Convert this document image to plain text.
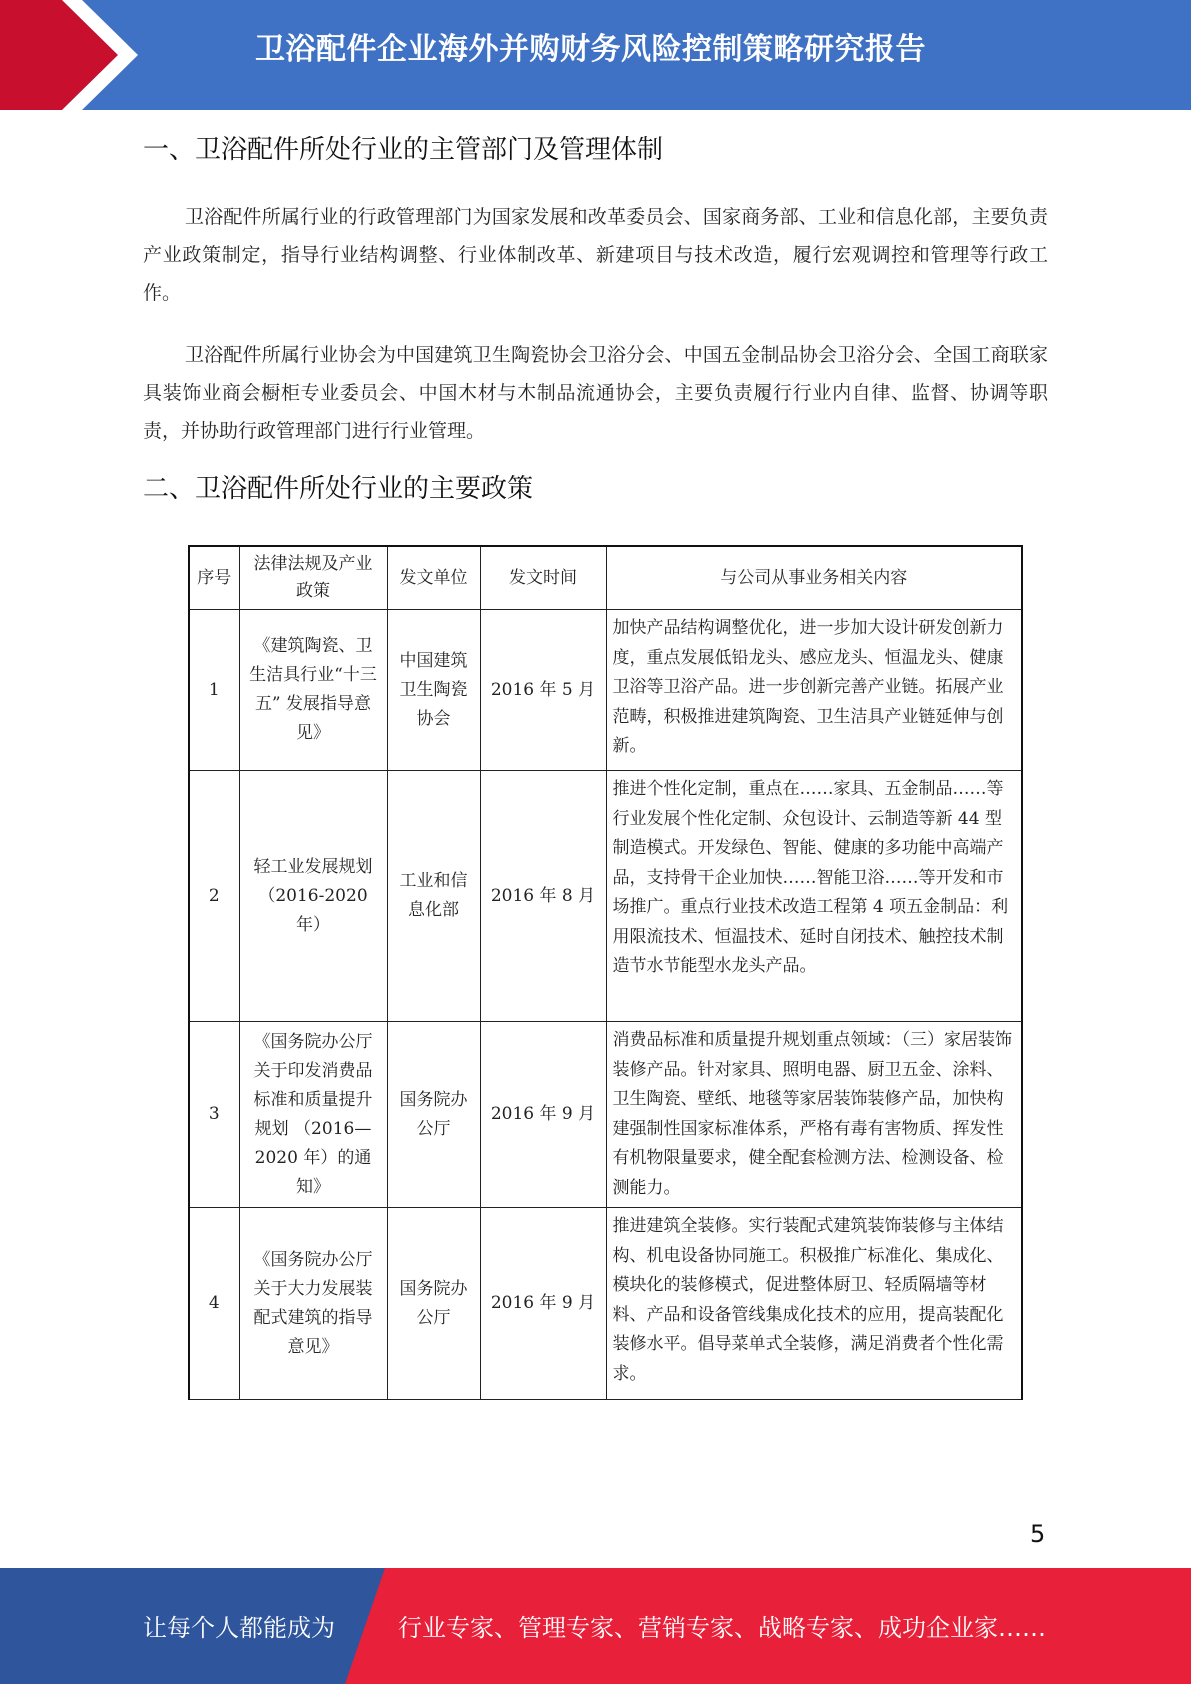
卫浴配件企业海外并购财务风险控制策略研究报告
一、卫浴配件所处行业的主管部门及管理体制
卫浴配件所属行业的行政管理部门为国家发展和改革委员会、国家商务部、工业和信息化部，主要负责产业政策制定，指导行业结构调整、行业体制改革、新建项目与技术改造，履行宏观调控和管理等行政工作。
卫浴配件所属行业协会为中国建筑卫生陶瓷协会卫浴分会、中国五金制品协会卫浴分会、全国工商联家具装饰业商会橱柜专业委员会、中国木材与木制品流通协会，主要负责履行行业内自律、监督、协调等职责，并协助行政管理部门进行行业管理。
二、卫浴配件所处行业的主要政策
序号	法律法规及产业政策	发文单位	发文时间	与公司从事业务相关内容
1	《建筑陶瓷、卫生洁具行业“十三五” 发展指导意见》	中国建筑卫生陶瓷协会	2016 年 5 月	加快产品结构调整优化，进一步加大设计研发创新力度，重点发展低铅龙头、感应龙头、恒温龙头、健康卫浴等卫浴产品。进一步创新完善产业链。拓展产业范畴，积极推进建筑陶瓷、卫生洁具产业链延伸与创新。
2	轻工业发展规划（2016-2020 年）	工业和信息化部	2016 年 8 月	推进个性化定制，重点在……家具、五金制品……等行业发展个性化定制、众包设计、云制造等新 44 型制造模式。开发绿色、智能、健康的多功能中高端产品，支持骨干企业加快……智能卫浴……等开发和市场推广。重点行业技术改造工程第 4 项五金制品：利用限流技术、恒温技术、延时自闭技术、触控技术制造节水节能型水龙头产品。
3	《国务院办公厅关于印发消费品标准和质量提升规划 （2016—2020 年）的通知》	国务院办公厅	2016 年 9 月	消费品标准和质量提升规划重点领域：（三）家居装饰装修产品。针对家具、照明电器、厨卫五金、涂料、卫生陶瓷、壁纸、地毯等家居装饰装修产品，加快构建强制性国家标准体系，严格有毒有害物质、挥发性有机物限量要求，健全配套检测方法、检测设备、检测能力。
4	《国务院办公厅关于大力发展装配式建筑的指导意见》	国务院办公厅	2016 年 9 月	推进建筑全装修。实行装配式建筑装饰装修与主体结构、机电设备协同施工。积极推广标准化、集成化、模块化的装修模式，促进整体厨卫、轻质隔墙等材料、产品和设备管线集成化技术的应用，提高装配化装修水平。倡导菜单式全装修，满足消费者个性化需求。
5
让每个人都能成为	行业专家、管理专家、营销专家、战略专家、成功企业家……
